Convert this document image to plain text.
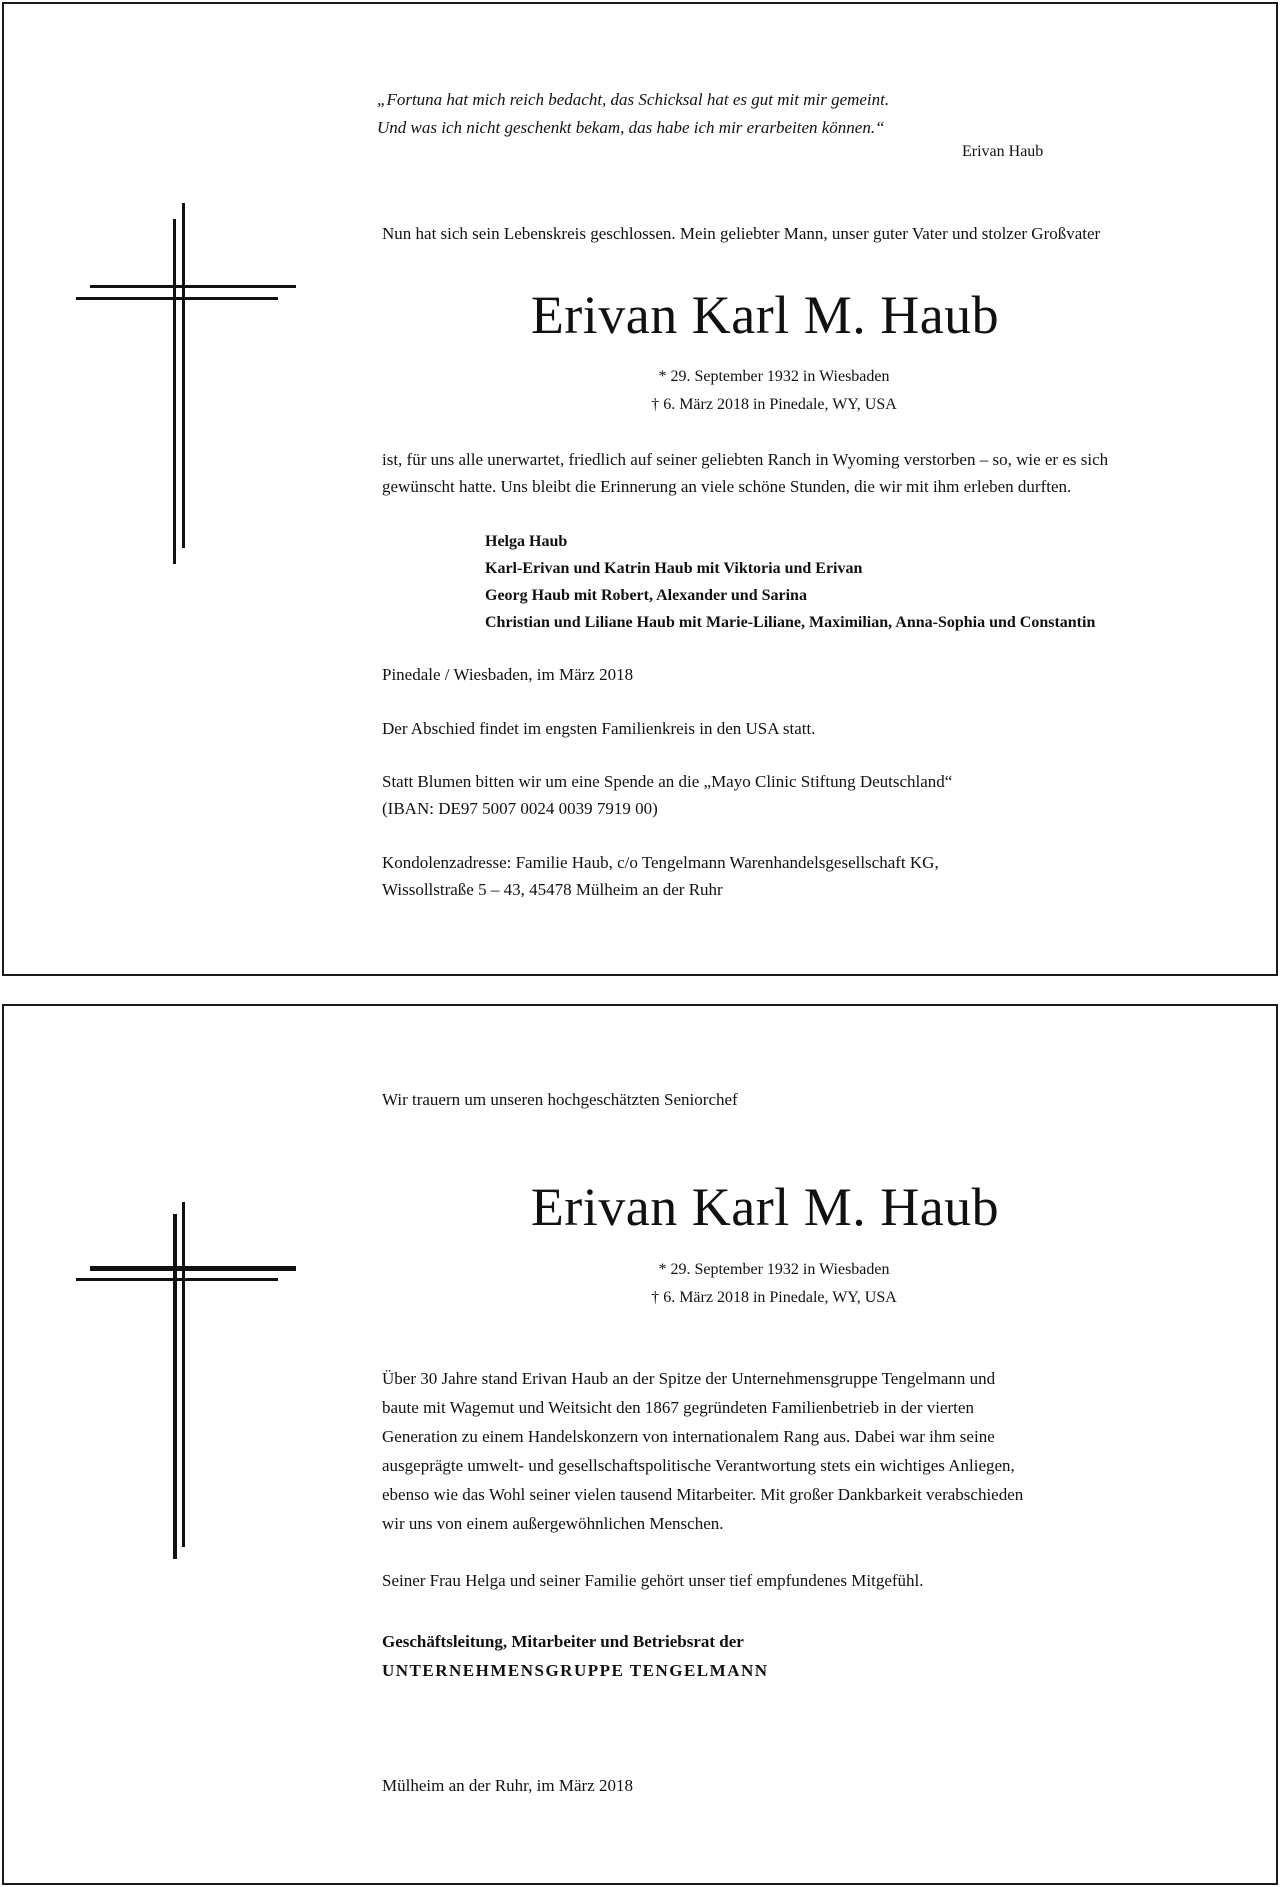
„Fortuna hat mich reich bedacht, das Schicksal hat es gut mit mir gemeint.
Und was ich nicht geschenkt bekam, das habe ich mir erarbeiten können.“
Erivan Haub
Nun hat sich sein Lebenskreis geschlossen. Mein geliebter Mann, unser guter Vater und stolzer Großvater
Erivan Karl M. Haub
* 29. September 1932 in Wiesbaden
† 6. März 2018 in Pinedale, WY, USA
ist, für uns alle unerwartet, friedlich auf seiner geliebten Ranch in Wyoming verstorben – so, wie er es sich
gewünscht hatte. Uns bleibt die Erinnerung an viele schöne Stunden, die wir mit ihm erleben durften.
Helga Haub
Karl-Erivan und Katrin Haub mit Viktoria und Erivan
Georg Haub mit Robert, Alexander und Sarina
Christian und Liliane Haub mit Marie-Liliane, Maximilian, Anna-Sophia und Constantin
Pinedale / Wiesbaden, im März 2018
Der Abschied findet im engsten Familienkreis in den USA statt.
Statt Blumen bitten wir um eine Spende an die „Mayo Clinic Stiftung Deutschland“
(IBAN: DE97 5007 0024 0039 7919 00)
Kondolenzadresse: Familie Haub, c/o Tengelmann Warenhandelsgesellschaft KG,
Wissollstraße 5 – 43, 45478 Mülheim an der Ruhr
Wir trauern um unseren hochgeschätzten Seniorchef
Erivan Karl M. Haub
* 29. September 1932 in Wiesbaden
† 6. März 2018 in Pinedale, WY, USA
Über 30 Jahre stand Erivan Haub an der Spitze der Unternehmensgruppe Tengelmann und
baute mit Wagemut und Weitsicht den 1867 gegründeten Familienbetrieb in der vierten
Generation zu einem Handelskonzern von internationalem Rang aus. Dabei war ihm seine
ausgeprägte umwelt- und gesellschaftspolitische Verantwortung stets ein wichtiges Anliegen,
ebenso wie das Wohl seiner vielen tausend Mitarbeiter. Mit großer Dankbarkeit verabschieden
wir uns von einem außergewöhnlichen Menschen.
Seiner Frau Helga und seiner Familie gehört unser tief empfundenes Mitgefühl.
Geschäftsleitung, Mitarbeiter und Betriebsrat der
UNTERNEHMENSGRUPPE TENGELMANN
Mülheim an der Ruhr, im März 2018
